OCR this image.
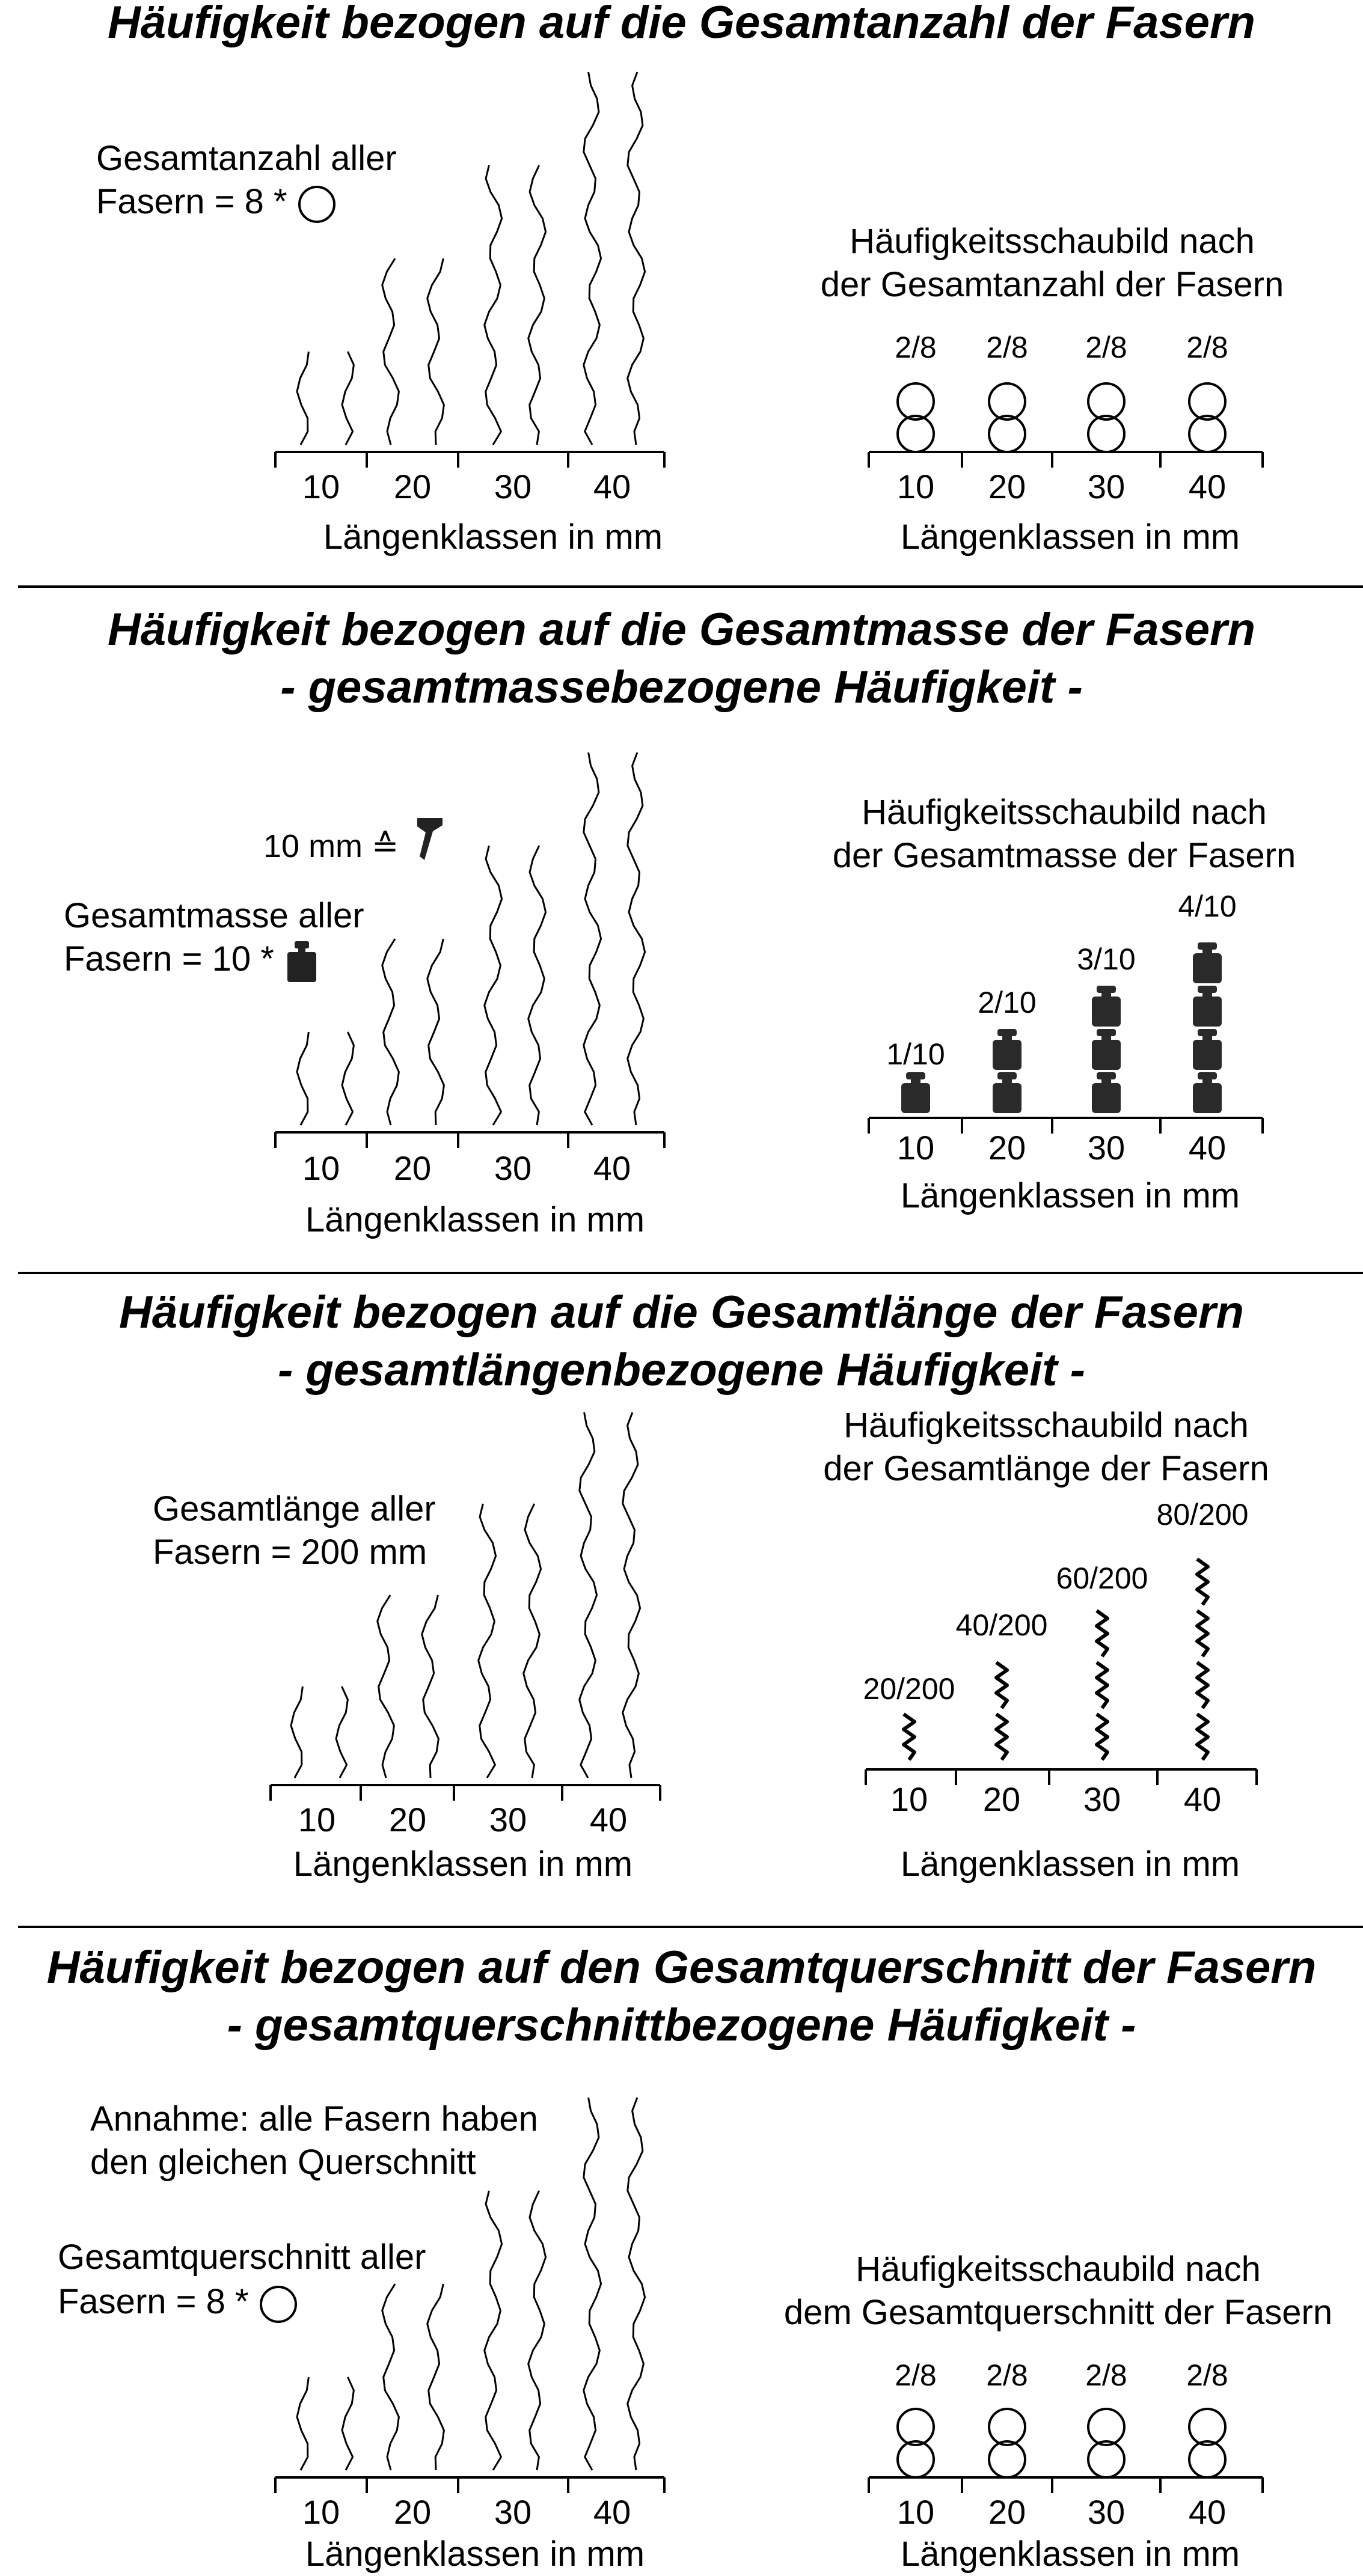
Häufigkeit bezogen auf die Gesamtanzahl der Fasern
Gesamtanzahl aller
Fasern = 8 *
Häufigkeitsschaubild nach
der Gesamtanzahl der Fasern
2/8	2/8	2/8	2/8
10	20	30	40	10	20	30	40
Längenklassen in mm	Längenklassen in mm
Häufigkeit bezogen auf die Gesamtmasse der Fasern
- gesamtmassebezogene Häufigkeit -
10 mm ≙
Gesamtmasse aller
Fasern = 10 *
Häufigkeitsschaubild nach
der Gesamtmasse der Fasern
1/10
2/10
3/10
4/10
10	20	30	40
10	20	30	40
Längenklassen in mm
Längenklassen in mm
Häufigkeit bezogen auf die Gesamtlänge der Fasern
- gesamtlängenbezogene Häufigkeit -
Gesamtlänge aller
Fasern = 200 mm
Häufigkeitsschaubild nach
der Gesamtlänge der Fasern
20/200
40/200
60/200
80/200
10	20	30	40
10	20	30	40
Längenklassen in mm	Längenklassen in mm
Häufigkeit bezogen auf den Gesamtquerschnitt der Fasern
- gesamtquerschnittbezogene Häufigkeit -
Annahme: alle Fasern haben
den gleichen Querschnitt
Gesamtquerschnitt aller
Fasern = 8 *
Häufigkeitsschaubild nach
dem Gesamtquerschnitt der Fasern
2/8	2/8	2/8	2/8
10	20	30	40	10	20	30	40
Längenklassen in mm	Längenklassen in mm
